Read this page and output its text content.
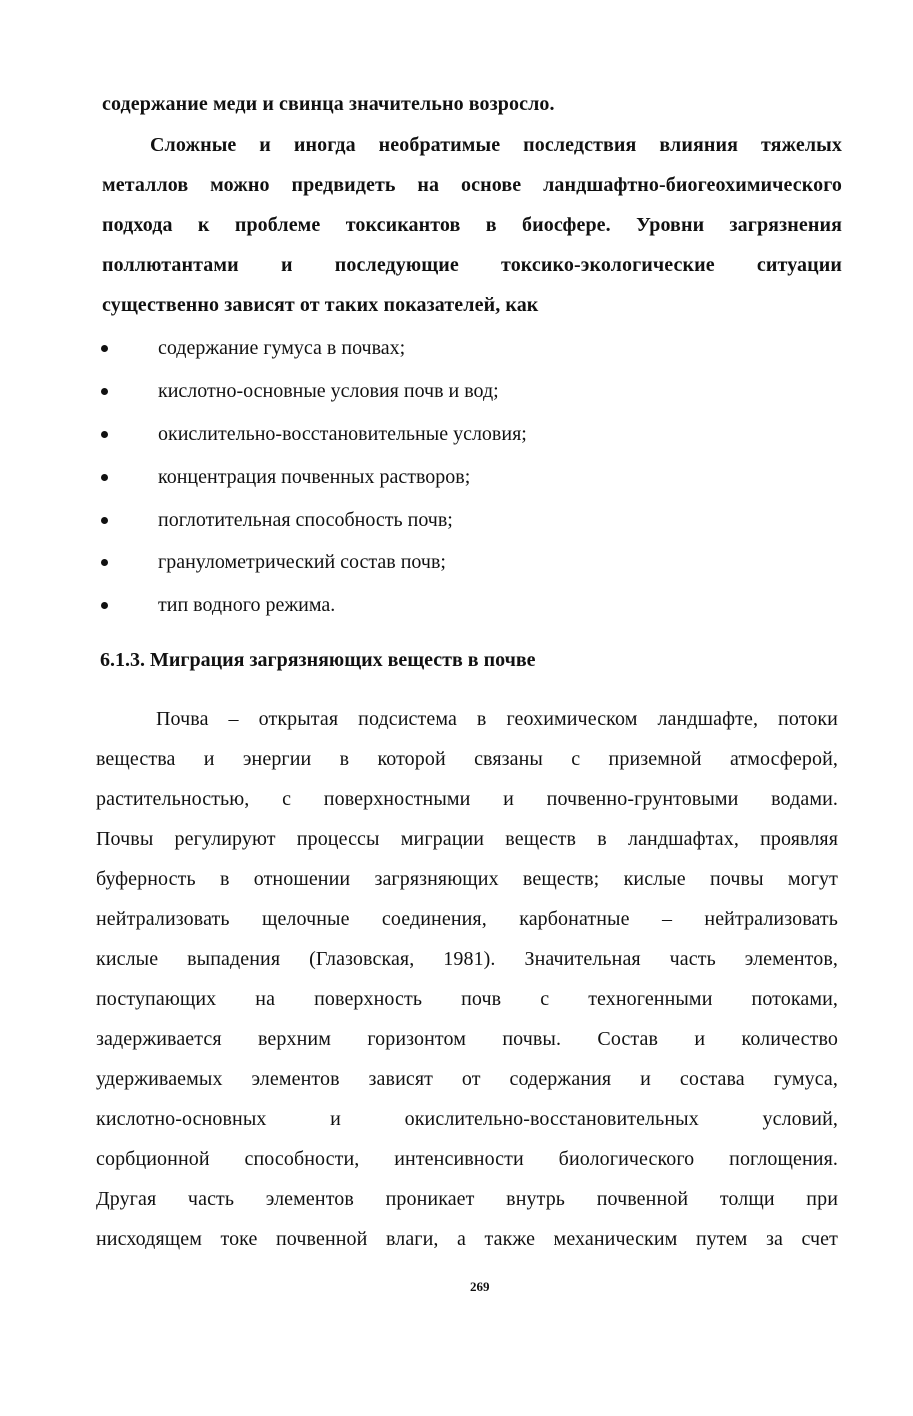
содержание меди и свинца значительно возросло.
Сложные и иногда необратимые последствия влияния тяжелых
металлов можно предвидеть на основе ландшафтно-биогеохимического
подхода к проблеме токсикантов в биосфере. Уровни загрязнения
поллютантами и последующие токсико-экологические ситуации
существенно зависят от таких показателей, как
содержание гумуса в почвах;
кислотно-основные условия почв и вод;
окислительно-восстановительные условия;
концентрация почвенных растворов;
поглотительная способность почв;
гранулометрический состав почв;
тип водного режима.
6.1.3. Миграция загрязняющих веществ в почве
Почва – открытая подсистема в геохимическом ландшафте, потоки
вещества и энергии в которой связаны с приземной атмосферой,
растительностью, с поверхностными и почвенно-грунтовыми водами.
Почвы регулируют процессы миграции веществ в ландшафтах, проявляя
буферность в отношении загрязняющих веществ; кислые почвы могут
нейтрализовать щелочные соединения, карбонатные – нейтрализовать
кислые выпадения (Глазовская, 1981). Значительная часть элементов,
поступающих на поверхность почв с техногенными потоками,
задерживается верхним горизонтом почвы. Состав и количество
удерживаемых элементов зависят от содержания и состава гумуса,
кислотно-основных и окислительно-восстановительных условий,
сорбционной способности, интенсивности биологического поглощения.
Другая часть элементов проникает внутрь почвенной толщи при
нисходящем токе почвенной влаги, а также механическим путем за счет
269
